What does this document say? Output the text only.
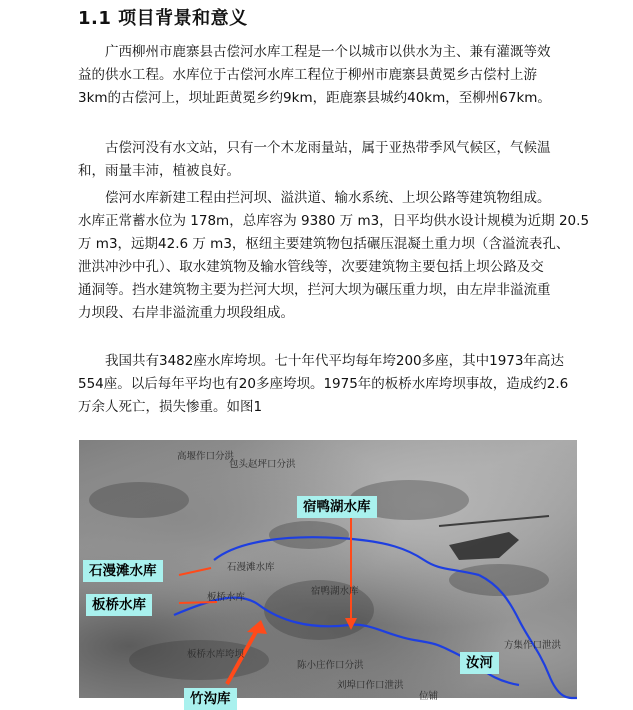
1.1 项目背景和意义
广西柳州市鹿寨县古偿河水库工程是一个以城市以供水为主、兼有灌溉等效
益的供水工程。水库位于古偿河水库工程位于柳州市鹿寨县黄冕乡古偿村上游
3km的古偿河上，坝址距黄冕乡约9km，距鹿寨县城约40km，至柳州67km。
古偿河没有水文站，只有一个木龙雨量站，属于亚热带季风气候区，气候温
和，雨量丰沛，植被良好。
偿河水库新建工程由拦河坝、溢洪道、输水系统、上坝公路等建筑物组成。
水库正常蓄水位为 178m，总库容为 9380 万 m3，日平均供水设计规模为近期 20.5
万 m3，远期42.6 万 m3，枢纽主要建筑物包括碾压混凝土重力坝（含溢流表孔、
泄洪冲沙中孔）、取水建筑物及输水管线等，次要建筑物主要包括上坝公路及交
通洞等。挡水建筑物主要为拦河大坝，拦河大坝为碾压重力坝，由左岸非溢流重
力坝段、右岸非溢流重力坝段组成。
我国共有3482座水库垮坝。七十年代平均每年垮200多座，其中1973年高达
554座。以后每年平均也有20多座垮坝。1975年的板桥水库垮坝事故，造成约2.6
万余人死亡，损失惨重。如图1
高堰作口分洪
包头赵坪口分洪
石漫滩水库
板桥水库
宿鸭湖水库
板桥水库垮坝
陈小庄作口分洪
刘埠口作口泄洪
方集作口泄洪
位铺
宿鸭湖水库
石漫滩水库
板桥水库
汝河
竹沟库
